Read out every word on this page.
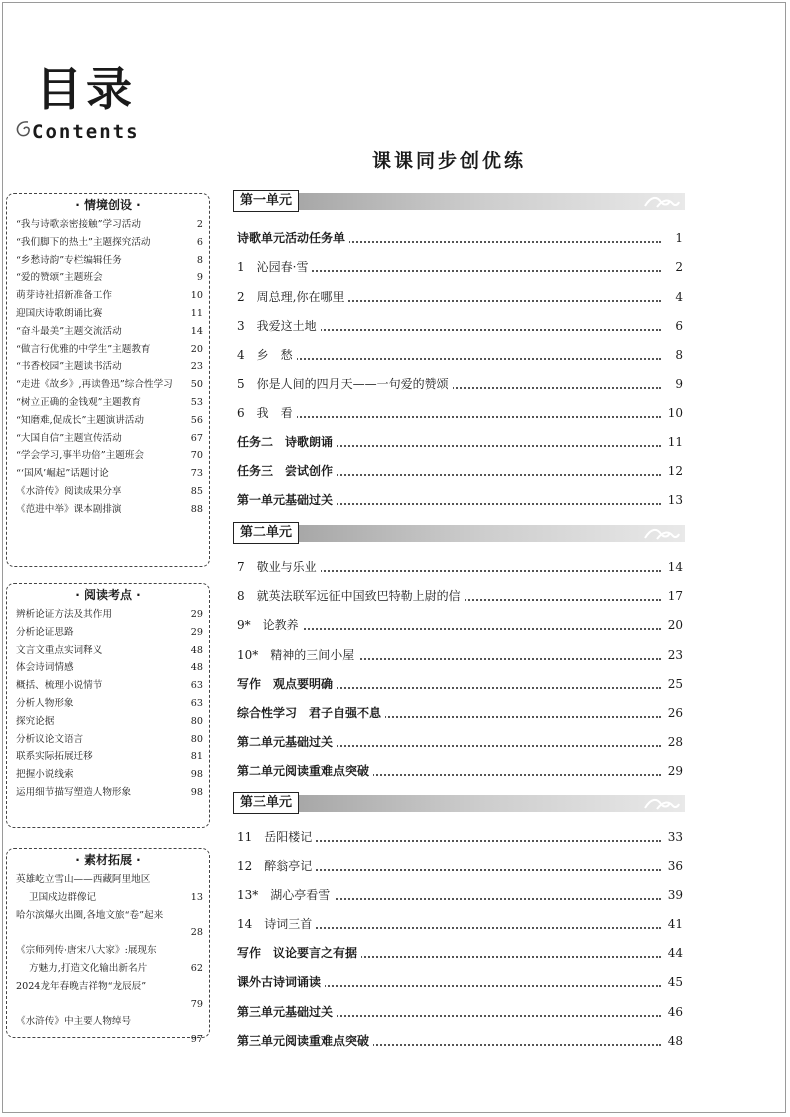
目录
Contents
课课同步创优练
· 情境创设 ·
“我与诗歌亲密接触”学习活动	2
“我们脚下的热土”主题探究活动	6
“乡愁诗韵”专栏编辑任务	8
“爱的赞颂”主题班会	9
萌芽诗社招新准备工作	10
迎国庆诗歌朗诵比赛	11
“奋斗最美”主题交流活动	14
“做言行优雅的中学生”主题教育	20
“书香校园”主题读书活动	23
“走进《故乡》,再读鲁迅”综合性学习 50
“树立正确的金钱观”主题教育	53
“知磨难,促成长”主题演讲活动	56
“大国自信”主题宣传活动	67
“学会学习,事半功倍”主题班会	70
“‘国风’崛起”话题讨论	73
《水浒传》阅读成果分享	85
《范进中举》课本剧排演	88
· 阅读考点 ·
辨析论证方法及其作用	29
分析论证思路	29
文言文重点实词释义	48
体会诗词情感	48
概括、梳理小说情节	63
分析人物形象	63
探究论据	80
分析议论文语言	80
联系实际拓展迁移	81
把握小说线索	98
运用细节描写塑造人物形象	98
· 素材拓展 ·
英雄屹立雪山——西藏阿里地区
卫国戍边群像记	13
哈尔滨爆火出圈,各地文旅“卷”起来
28
《宗师列传·唐宋八大家》:展现东
方魅力,打造文化输出新名片	62
2024龙年春晚吉祥物“龙辰辰”
79
《水浒传》中主要人物绰号
97
第一单元
诗歌单元活动任务单	1
1　 沁园春·雪	2
2　 周总理,你在哪里	4
3　 我爱这土地	6
4　 乡　愁	8
5　 你是人间的四月天——一句爱的赞颂	9
6　 我　看	10
任务二　诗歌朗诵	11
任务三　尝试创作	12
第一单元基础过关	13
第二单元
7　 敬业与乐业	14
8　 就英法联军远征中国致巴特勒上尉的信	17
9*　 论教养	20
10*　 精神的三间小屋	23
写作　观点要明确	25
综合性学习　君子自强不息	26
第二单元基础过关	28
第二单元阅读重难点突破	29
第三单元
11　 岳阳楼记	33
12　 醉翁亭记	36
13*　 湖心亭看雪	39
14　 诗词三首	41
写作　议论要言之有据	44
课外古诗词诵读	45
第三单元基础过关	46
第三单元阅读重难点突破	48
